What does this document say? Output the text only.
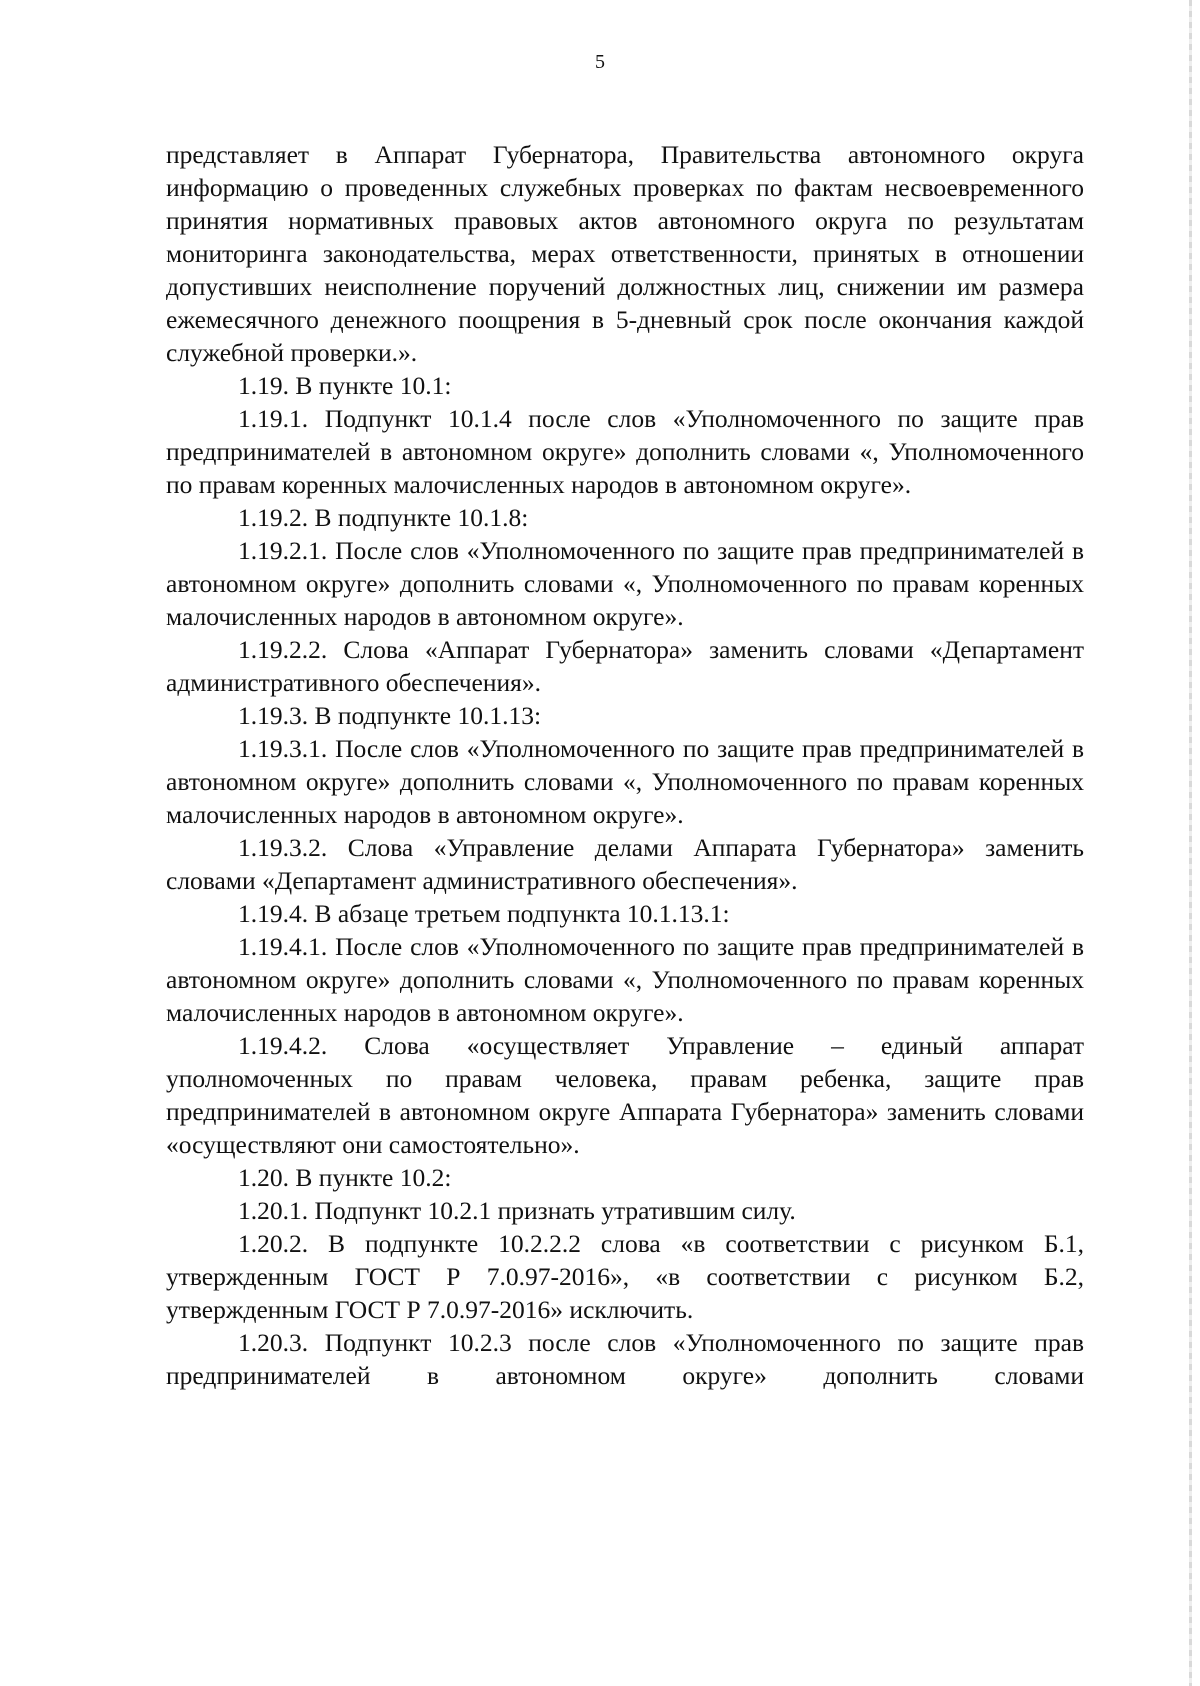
5

представляет в Аппарат Губернатора, Правительства автономного округа информацию о проведенных служебных проверках по фактам несвоевременного принятия нормативных правовых актов автономного округа по результатам мониторинга законодательства, мерах ответственности, принятых в отношении допустивших неисполнение поручений должностных лиц, снижении им размера ежемесячного денежного поощрения в 5-дневный срок после окончания каждой служебной проверки.».

1.19. В пункте 10.1:

1.19.1. Подпункт 10.1.4 после слов «Уполномоченного по защите прав предпринимателей в автономном округе» дополнить словами «, Уполномоченного по правам коренных малочисленных народов в автономном округе».

1.19.2. В подпункте 10.1.8:

1.19.2.1. После слов «Уполномоченного по защите прав предпринимателей в автономном округе» дополнить словами «, Уполномоченного по правам коренных малочисленных народов в автономном округе».

1.19.2.2. Слова «Аппарат Губернатора» заменить словами «Департамент административного обеспечения».

1.19.3. В подпункте 10.1.13:

1.19.3.1. После слов «Уполномоченного по защите прав предпринимателей в автономном округе» дополнить словами «, Уполномоченного по правам коренных малочисленных народов в автономном округе».

1.19.3.2. Слова «Управление делами Аппарата Губернатора» заменить словами «Департамент административного обеспечения».

1.19.4. В абзаце третьем подпункта 10.1.13.1:

1.19.4.1. После слов «Уполномоченного по защите прав предпринимателей в автономном округе» дополнить словами «, Уполномоченного по правам коренных малочисленных народов в автономном округе».

1.19.4.2. Слова «осуществляет Управление – единый аппарат уполномоченных по правам человека, правам ребенка, защите прав предпринимателей в автономном округе Аппарата Губернатора» заменить словами «осуществляют они самостоятельно».

1.20. В пункте 10.2:

1.20.1. Подпункт 10.2.1 признать утратившим силу.

1.20.2. В подпункте 10.2.2.2 слова «в соответствии с рисунком Б.1, утвержденным ГОСТ Р 7.0.97-2016», «в соответствии с рисунком Б.2, утвержденным ГОСТ Р 7.0.97-2016» исключить.

1.20.3. Подпункт 10.2.3 после слов «Уполномоченного по защите прав предпринимателей в автономном округе» дополнить словами
